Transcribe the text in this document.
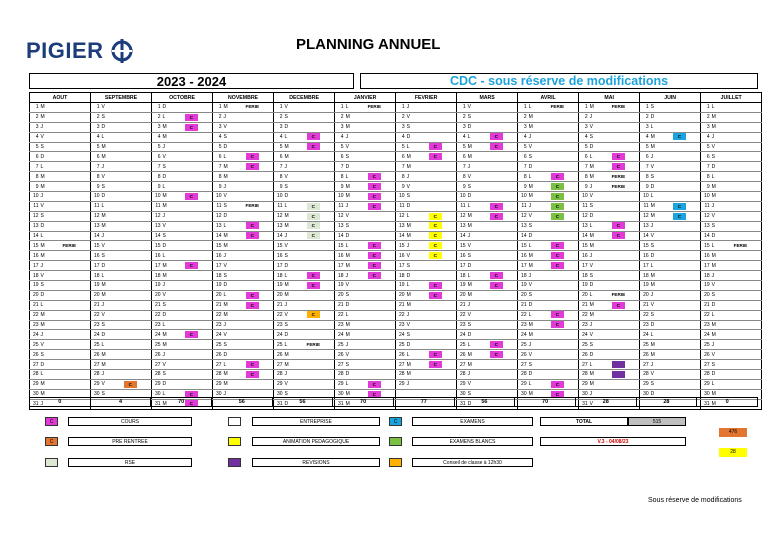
PIGIER	PLANNING ANNUEL
2023 - 2024	CDC - sous réserve de modifications
AOUT			SEPTEMBRE			OCTOBRE			NOVEMBRE			DECEMBRE			JANVIER			FEVRIER			MARS			AVRIL			MAI			JUIN			JUILLET		
1	M		1	V		1	D		1	M	FERIE	1	V		1	L	FERIE	1	J		1	V		1	L	FERIE	1	M	FERIE	1	S		1	L	
2	M		2	S		2	L	C	2	J		2	S		2	M		2	V		2	S		2	M		2	J		2	D		2	M	
3	J		3	D		3	M	C	3	V		3	D		3	M		3	S		3	D		3	M		3	V		3	L		3	M	
4	V		4	L		4	M		4	S		4	L	C	4	J		4	D		4	L	C	4	J		4	S		4	M	C	4	J	
5	S		5	M		5	J		5	D		5	M	C	5	V		5	L	C	5	M	C	5	V		5	D		5	M		5	V	
6	D		6	M		6	V		6	L	C	6	M		6	S		6	M	C	6	M		6	S		6	L	C	6	J		6	S	
7	L		7	J		7	S		7	M	C	7	J		7	D		7	M		7	J		7	D		7	M	C	7	V		7	D	
8	M		8	V		8	D		8	M		8	V		8	L	C	8	J		8	V		8	L	C	8	M	FERIE	8	S		8	L	
9	M		9	S		9	L		9	J		9	S		9	M	C	9	V		9	S		9	M	C	9	J	FERIE	9	D		9	M	
10	J		10	D		10	M	C	10	V		10	D		10	M	C	10	S		10	D		10	M	C	10	V		10	L		10	M	
11	V		11	L		11	M		11	S	FERIE	11	L	C	11	J	C	11	D		11	L	C	11	J	C	11	S		11	M	C	11	J	
12	S		12	M		12	J		12	D		12	M	C	12	V		12	L	C	12	M	C	12	V	C	12	D		12	M	C	12	V	
13	D		13	M		13	V		13	L	C	13	M	C	13	S		13	M	C	13	M		13	S		13	L	C	13	J		13	S	
14	L		14	J		14	S		14	M	C	14	J	C	14	D		14	M	C	14	J		14	D		14	M	C	14	V		14	D	
15	M	FERIE	15	V		15	D		15	M		15	V		15	L	C	15	J	C	15	V		15	L	C	15	M		15	S		15	L	FERIE
16	M		16	S		16	L		16	J		16	S		16	M	C	16	V	C	16	S		16	M	C	16	J		16	D		16	M	
17	J		17	D		17	M	C	17	V		17	D		17	M	C	17	S		17	D		17	M	C	17	V		17	L		17	M	
18	V		18	L		18	M		18	S		18	L	C	18	J	C	18	D		18	L	C	18	J		18	S		18	M		18	J	
19	S		19	M		19	J		19	D		19	M	C	19	V		19	L	C	19	M	C	19	V		19	D		19	M		19	V	
20	D		20	M		20	V		20	L	C	20	M		20	S		20	M	C	20	M		20	S		20	L	FERIE	20	J		20	S	
21	L		21	J		21	S		21	M	C	21	J		21	D		21	M		21	J		21	D		21	M	C	21	V		21	D	
22	M		22	V		22	D		22	M		22	V	C	22	L		22	J		22	V		22	L	C	22	M		22	S		22	L	
23	M		23	S		23	L		23	J		23	S		23	M		23	V		23	S		23	M	C	23	J		23	D		23	M	
24	J		24	D		24	M	C	24	V		24	D		24	M		24	S		24	D		24	M		24	V		24	L		24	M	
25	V		25	L		25	M		25	S		25	L	FERIE	25	J		25	D		25	L	C	25	J		25	S		25	M		25	J	
26	S		26	M		26	J		26	D		26	M		26	V		26	L	C	26	M	C	26	V		26	D		26	M		26	V	
27	D		27	M		27	V		27	L	C	27	M		27	S		27	M	C	27	M		27	S		27	L		27	J		27	S	
28	L		28	J		28	S		28	M	C	28	J		28	D		28	M		28	J		28	D		28	M		28	V		28	D	
29	M		29	V	C	29	D		29	M		29	V		29	L	C	29	J		29	V		29	L	C	29	M		29	S		29	L	
30	M		30	S		30	L	C	30	J		30	S		30	M	C				30	S		30	M	C	30	J		30	D		30	M	
31	J					31	M	C				31	D		31	M					31	D					31	V					31	M	
0	4	70	56	56	70	77	56	70	28	28	0
C	COURS
C	PRE RENTREE
RSE
ENTREPRISE
ANIMATION PEDAGOGIQUE
REVISIONS
C	EXAMENS
EXAMENS BLANCS
Conseil de classe à 12h30
TOTAL	515
V.3 - 04/08/23
476
28
Sous réserve de modifications
